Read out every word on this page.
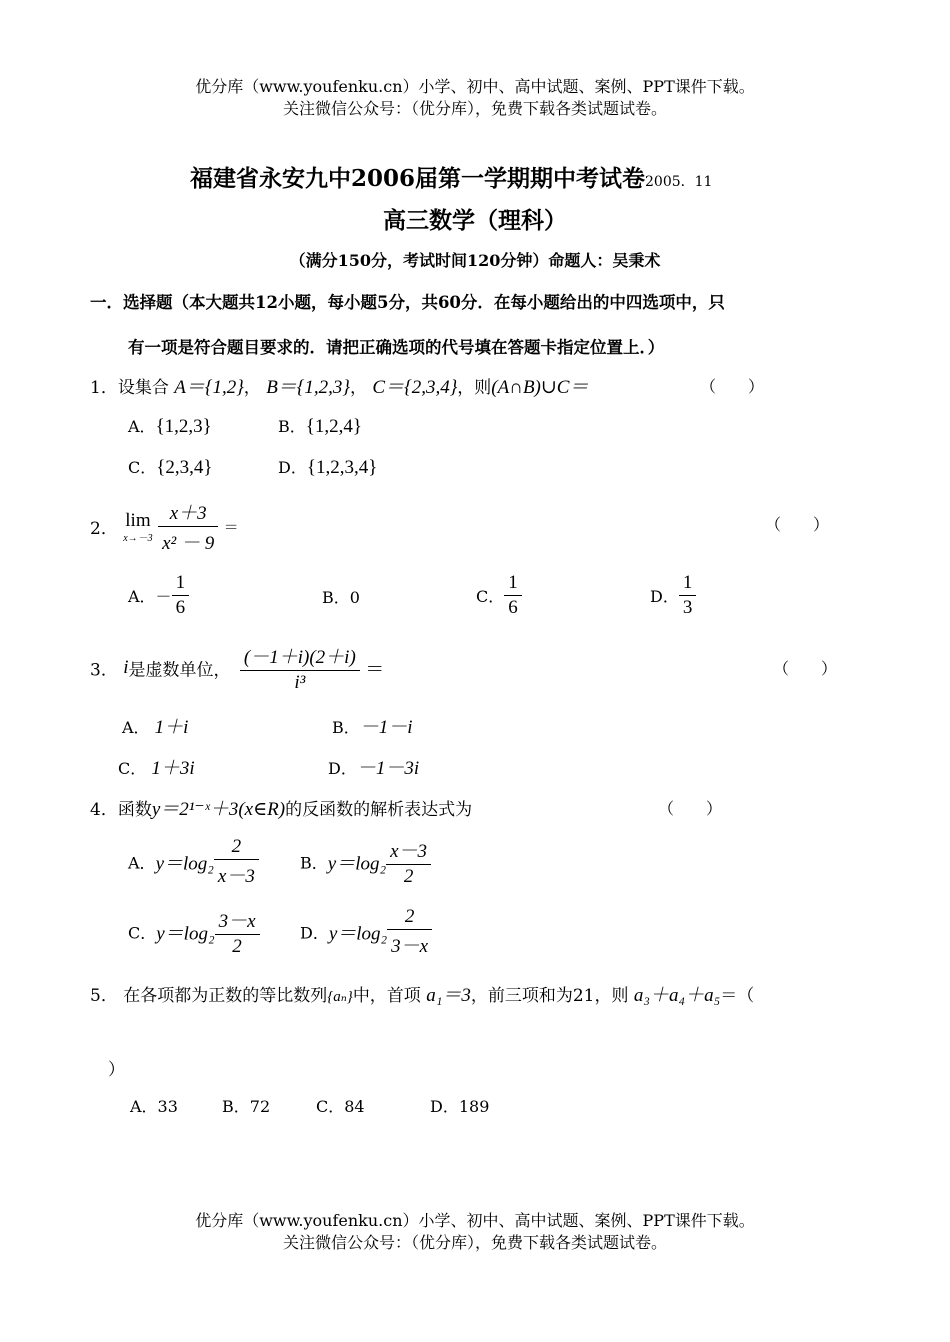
优分库（www.youfenku.cn）小学、初中、高中试题、案例、PPT课件下载。
关注微信公众号：（优分库），免费下载各类试题试卷。
福建省永安九中2006届第一学期期中考试卷2005．11
高三数学（理科）
（满分150分，考试时间120分钟）命题人：吴秉术
一．选择题（本大题共12小题，每小题5分，共60分．在每小题给出的中四选项中，只
有一项是符合题目要求的．请把正确选项的代号填在答题卡指定位置上．）
1．设集合 A＝{1,2}， B＝{1,2,3}， C＝{2,3,4}，则(A∩B)∪C＝	（　　）
A．{1,2,3}	B．{1,2,4}
C．{2,3,4}	D．{1,2,3,4}
2． lim
x→－3
$\frac{x+3}{\text{x² － 9}}$ ＝	（　　）
A．－ $\frac{1}{6}$	B．0	C． $\frac{1}{6}$	D． $\frac{1}{3}$
3． i是虚数单位， $\frac{(-1+i)(2+i)}{\text{i³}}$ ＝	（　　）
A． 1＋i	B．－1－i
C． 1＋3i	D．－1－3i
4．函数y＝2¹⁻ˣ＋3(x∈R)的反函数的解析表达式为	（　　）
A．$y=\log_2 \frac{2}{x-3}$	B．$y=\log_2 \frac{x-3}{2}$
C．$y=\log_2 \frac{3-x}{2}$	D．$y=\log_2 \frac{2}{3-x}$
5． 在各项都为正数的等比数列{aₙ}中，首项 a₁＝3，前三项和为21，则 a₃＋a₄＋a₅＝（
）
A．33	B．72	C．84	D．189
优分库（www.youfenku.cn）小学、初中、高中试题、案例、PPT课件下载。
关注微信公众号：（优分库），免费下载各类试题试卷。
